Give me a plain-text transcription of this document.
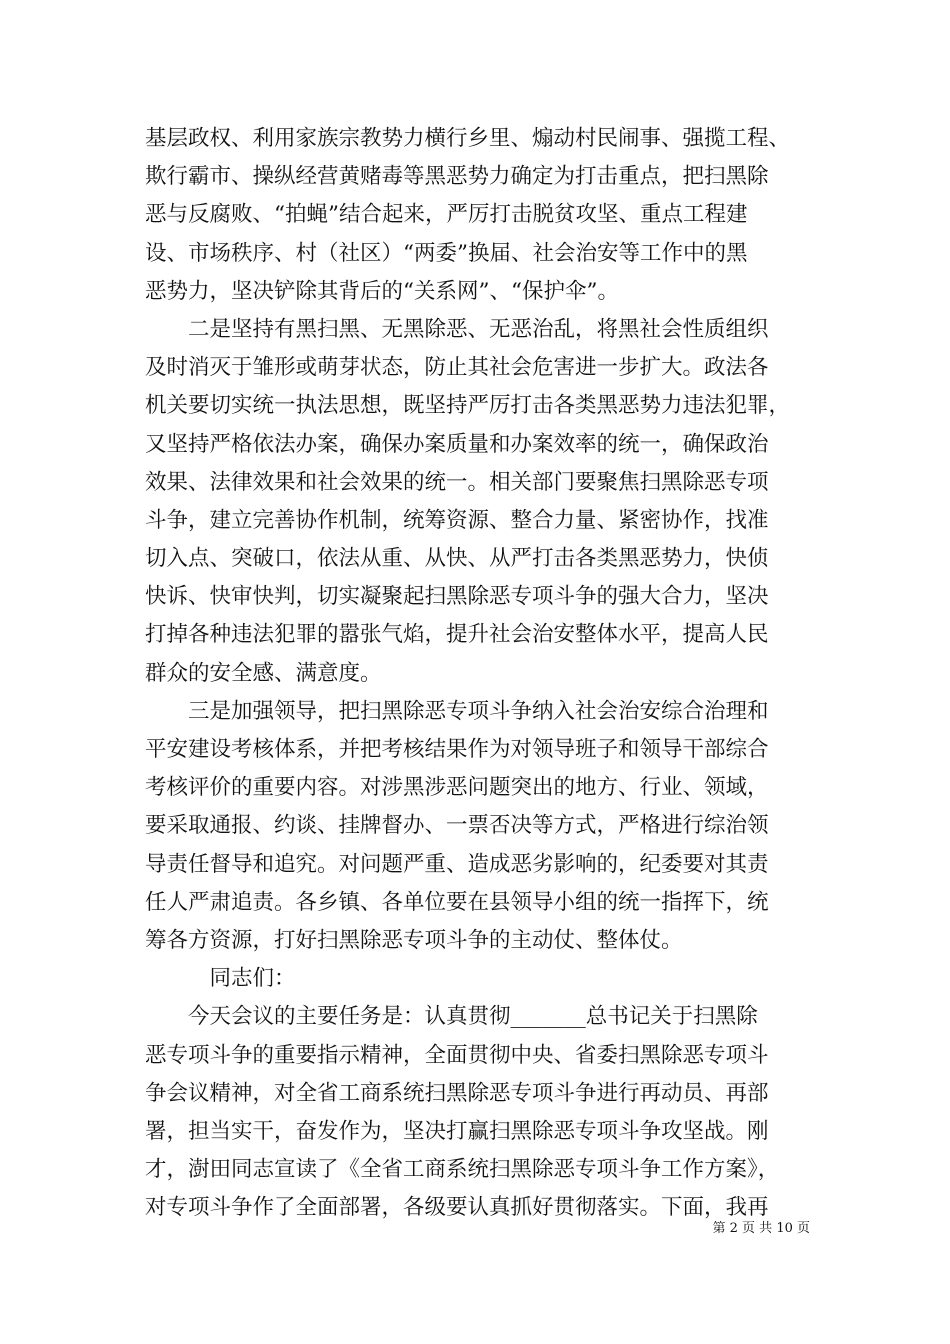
基层政权、利用家族宗教势力横行乡里、煽动村民闹事、强揽工程、
欺行霸市、操纵经营黄赌毒等黑恶势力确定为打击重点，把扫黑除
恶与反腐败、“拍蝇”结合起来，严厉打击脱贫攻坚、重点工程建
设、市场秩序、村（社区）“两委”换届、社会治安等工作中的黑
恶势力，坚决铲除其背后的“关系网”、“保护伞”。
　　二是坚持有黑扫黑、无黑除恶、无恶治乱，将黑社会性质组织
及时消灭于雏形或萌芽状态，防止其社会危害进一步扩大。政法各
机关要切实统一执法思想，既坚持严厉打击各类黑恶势力违法犯罪，
又坚持严格依法办案，确保办案质量和办案效率的统一，确保政治
效果、法律效果和社会效果的统一。相关部门要聚焦扫黑除恶专项
斗争，建立完善协作机制，统筹资源、整合力量、紧密协作，找准
切入点、突破口，依法从重、从快、从严打击各类黑恶势力，快侦
快诉、快审快判，切实凝聚起扫黑除恶专项斗争的强大合力，坚决
打掉各种违法犯罪的嚣张气焰，提升社会治安整体水平，提高人民
群众的安全感、满意度。
　　三是加强领导，把扫黑除恶专项斗争纳入社会治安综合治理和
平安建设考核体系，并把考核结果作为对领导班子和领导干部综合
考核评价的重要内容。对涉黑涉恶问题突出的地方、行业、领域，
要采取通报、约谈、挂牌督办、一票否决等方式，严格进行综治领
导责任督导和追究。对问题严重、造成恶劣影响的，纪委要对其责
任人严肃追责。各乡镇、各单位要在县领导小组的统一指挥下，统
筹各方资源，打好扫黑除恶专项斗争的主动仗、整体仗。
　　　同志们：
　　今天会议的主要任务是：认真贯彻_______总书记关于扫黑除
恶专项斗争的重要指示精神，全面贯彻中央、省委扫黑除恶专项斗
争会议精神，对全省工商系统扫黑除恶专项斗争进行再动员、再部
署，担当实干，奋发作为，坚决打赢扫黑除恶专项斗争攻坚战。刚
才，澍田同志宣读了《全省工商系统扫黑除恶专项斗争工作方案》，
对专项斗争作了全面部署，各级要认真抓好贯彻落实。下面，我再
第 2 页 共 10 页
